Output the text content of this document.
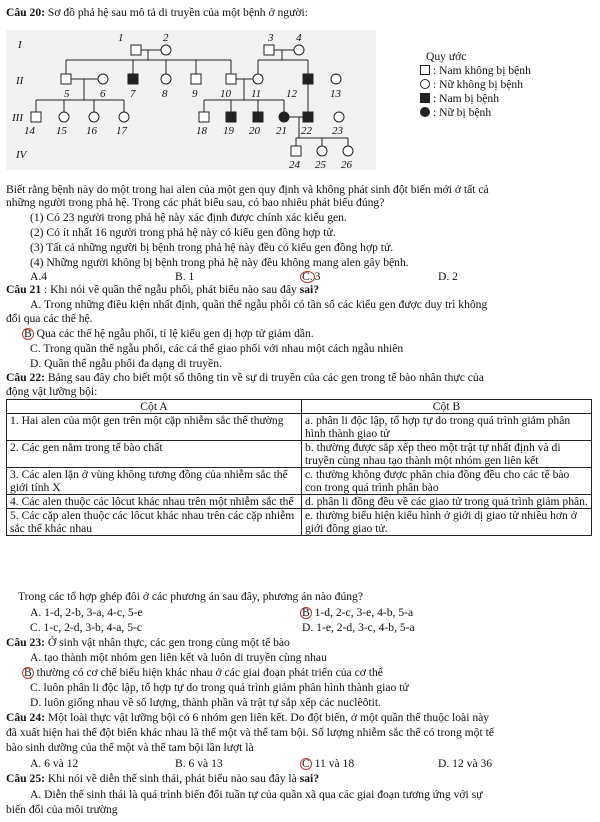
Câu 20: Sơ đồ phả hệ sau mô tả di truyền của một bệnh ở người:
I
II
III
IV
1	2	3 4
5	6 7 8 9 10 11 12	13
14 15 16 17	18 19 20 21 22 23
24 25 26
Quy ước
: Nam không bị bệnh
: Nữ không bị bệnh
: Nam bị bệnh
: Nữ bị bệnh
Biết rằng bệnh này do một trong hai alen của một gen quy định và không phát sinh đột biến mới ở tất cả
những người trong phả hệ. Trong các phát biểu sau, có bao nhiêu phát biểu đúng?
(1) Có 23 người trong phả hệ này xác định được chính xác kiểu gen.
(2) Có ít nhất 16 người trong phả hệ này có kiểu gen đồng hợp tử.
(3) Tất cả những người bị bệnh trong phả hệ này đều có kiểu gen đồng hợp tử.
(4) Những người không bị bệnh trong phả hệ này đều không mang alen gây bệnh.
A.4	B. 1	C. 3	D. 2
Câu 21 : Khi nói về quần thể ngẫu phối, phát biểu nào sau đây sai?
A. Trong những điều kiện nhất định, quần thể ngẫu phối có tần số các kiểu gen được duy trì không
đổi qua các thế hệ.
B Qua các thế hệ ngẫu phối, tỉ lệ kiểu gen dị hợp tử giảm dần.
C. Trong quần thể ngẫu phối, các cá thể giao phối với nhau một cách ngẫu nhiên
D. Quần thể ngẫu phối đa dạng di truyền.
Câu 22: Bảng sau đây cho biết một số thông tin về sự di truyền của các gen trong tế bào nhân thực của
động vật lưỡng bội:
Cột A	Cột B
1. Hai alen của một gen trên một cặp nhiễm sắc thể thường	a. phân li độc lập, tổ hợp tự do trong quá trình giảm phân hình thành giao tử
2. Các gen nằm trong tế bào chất	b. thường được sắp xếp theo một trật tự nhất định và di truyền cùng nhau tạo thành một nhóm gen liên kết
3. Các alen lặn ở vùng không tương đồng của nhiễm sắc thể giới tính X	c. thường không được phân chia đồng đều cho các tế bào con trong quá trình phân bào
4. Các alen thuộc các lôcut khác nhau trên một nhiễm sắc thể	d. phân li đồng đều về các giao tử trong quá trình giảm phân.
5. Các cặp alen thuộc các lôcut khác nhau trên các cặp nhiễm sắc thể khác nhau	e. thường biểu hiện kiểu hình ở giới dị giao tử nhiều hơn ở giới đồng giao tử.
Trong các tổ hợp ghép đôi ở các phương án sau đây, phương án nào đúng?
A. 1-d, 2-b, 3-a, 4-c, 5-e	B 1-d, 2-c, 3-e, 4-b, 5-a
C. 1-c, 2-d, 3-b, 4-a, 5-c	D. 1-e, 2-d, 3-c, 4-b, 5-a
Câu 23: Ở sinh vật nhân thực, các gen trong cùng một tế bào
A. tạo thành một nhóm gen liên kết và luôn di truyền cùng nhau
B thường có cơ chế biểu hiện khác nhau ở các giai đoạn phát triển của cơ thể
C. luôn phân li độc lập, tổ hợp tự do trong quá trình giảm phân hình thành giao tử
D. luôn giống nhau về số lượng, thành phần và trật tự sắp xếp các nuclêôtit.
Câu 24: Một loài thực vật lưỡng bội có 6 nhóm gen liên kết. Do đột biến, ở một quần thể thuộc loài này
đã xuất hiện hai thể đột biến khác nhau là thể một và thể tam bội. Số lượng nhiễm sắc thể có trong một tế
bào sinh dưỡng của thể một và thể tam bội lần lượt là
A. 6 và 12	B. 6 và 13	C 11 và 18	D. 12 và 36
Câu 25: Khi nói về diễn thế sinh thái, phát biểu nào sau đây là sai?
A. Diễn thế sinh thái là quá trình biến đổi tuần tự của quần xã qua các giai đoạn tương ứng với sự
biến đổi của môi trường
